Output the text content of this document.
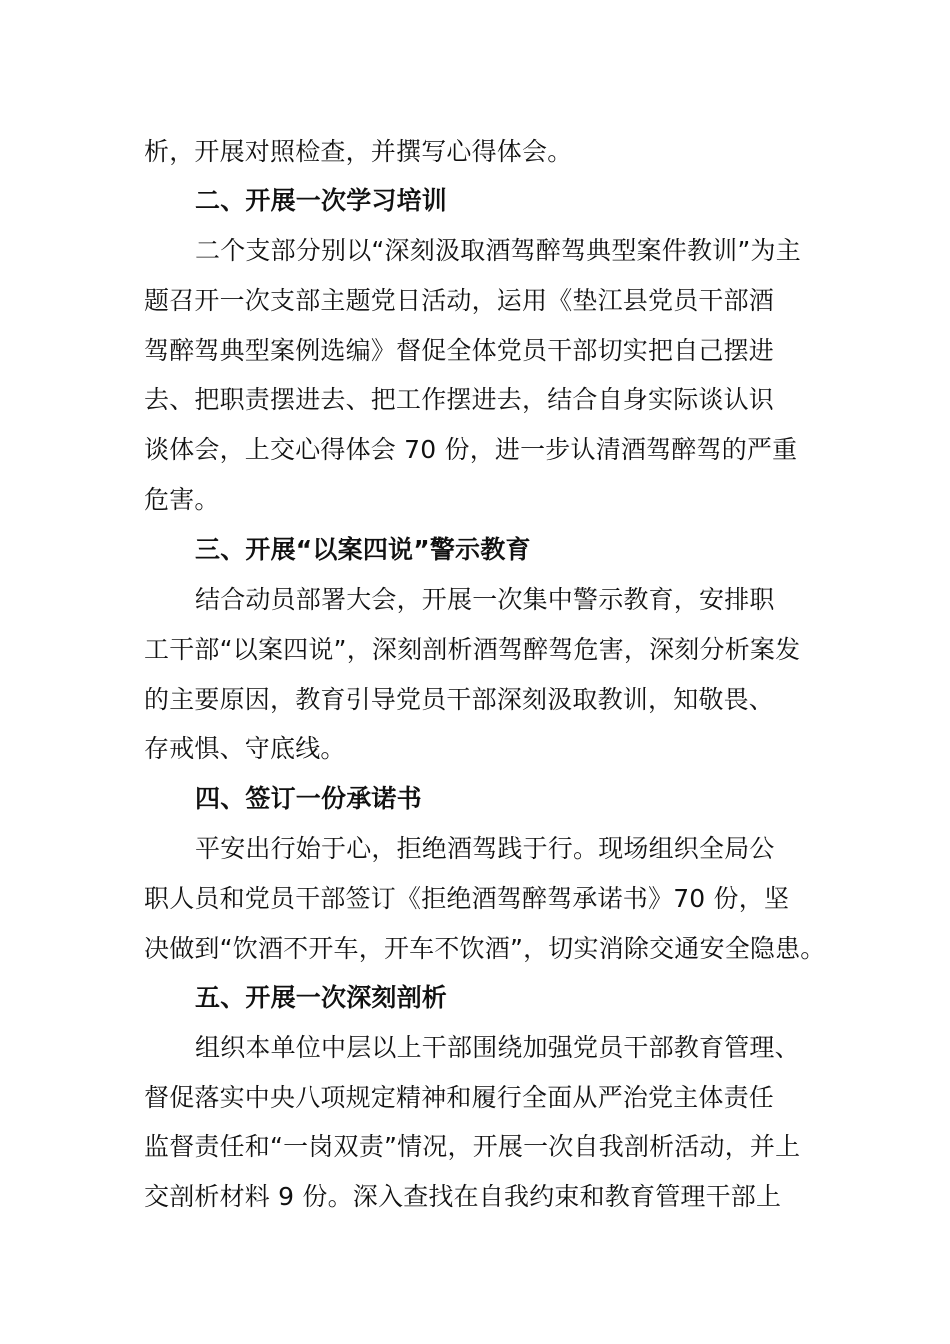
析，开展对照检查，并撰写心得体会。
二、开展一次学习培训
二个支部分别以“深刻汲取酒驾醉驾典型案件教训”为主
题召开一次支部主题党日活动，运用《垫江县党员干部酒
驾醉驾典型案例选编》督促全体党员干部切实把自己摆进
去、把职责摆进去、把工作摆进去，结合自身实际谈认识
谈体会，上交心得体会 70 份，进一步认清酒驾醉驾的严重
危害。
三、开展“以案四说”警示教育
结合动员部署大会，开展一次集中警示教育，安排职
工干部“以案四说”，深刻剖析酒驾醉驾危害，深刻分析案发
的主要原因，教育引导党员干部深刻汲取教训，知敬畏、
存戒惧、守底线。
四、签订一份承诺书
平安出行始于心，拒绝酒驾践于行。现场组织全局公
职人员和党员干部签订《拒绝酒驾醉驾承诺书》70 份，坚
决做到“饮酒不开车，开车不饮酒”，切实消除交通安全隐患。
五、开展一次深刻剖析
组织本单位中层以上干部围绕加强党员干部教育管理、
督促落实中央八项规定精神和履行全面从严治党主体责任
监督责任和“一岗双责”情况，开展一次自我剖析活动，并上
交剖析材料 9 份。深入查找在自我约束和教育管理干部上
